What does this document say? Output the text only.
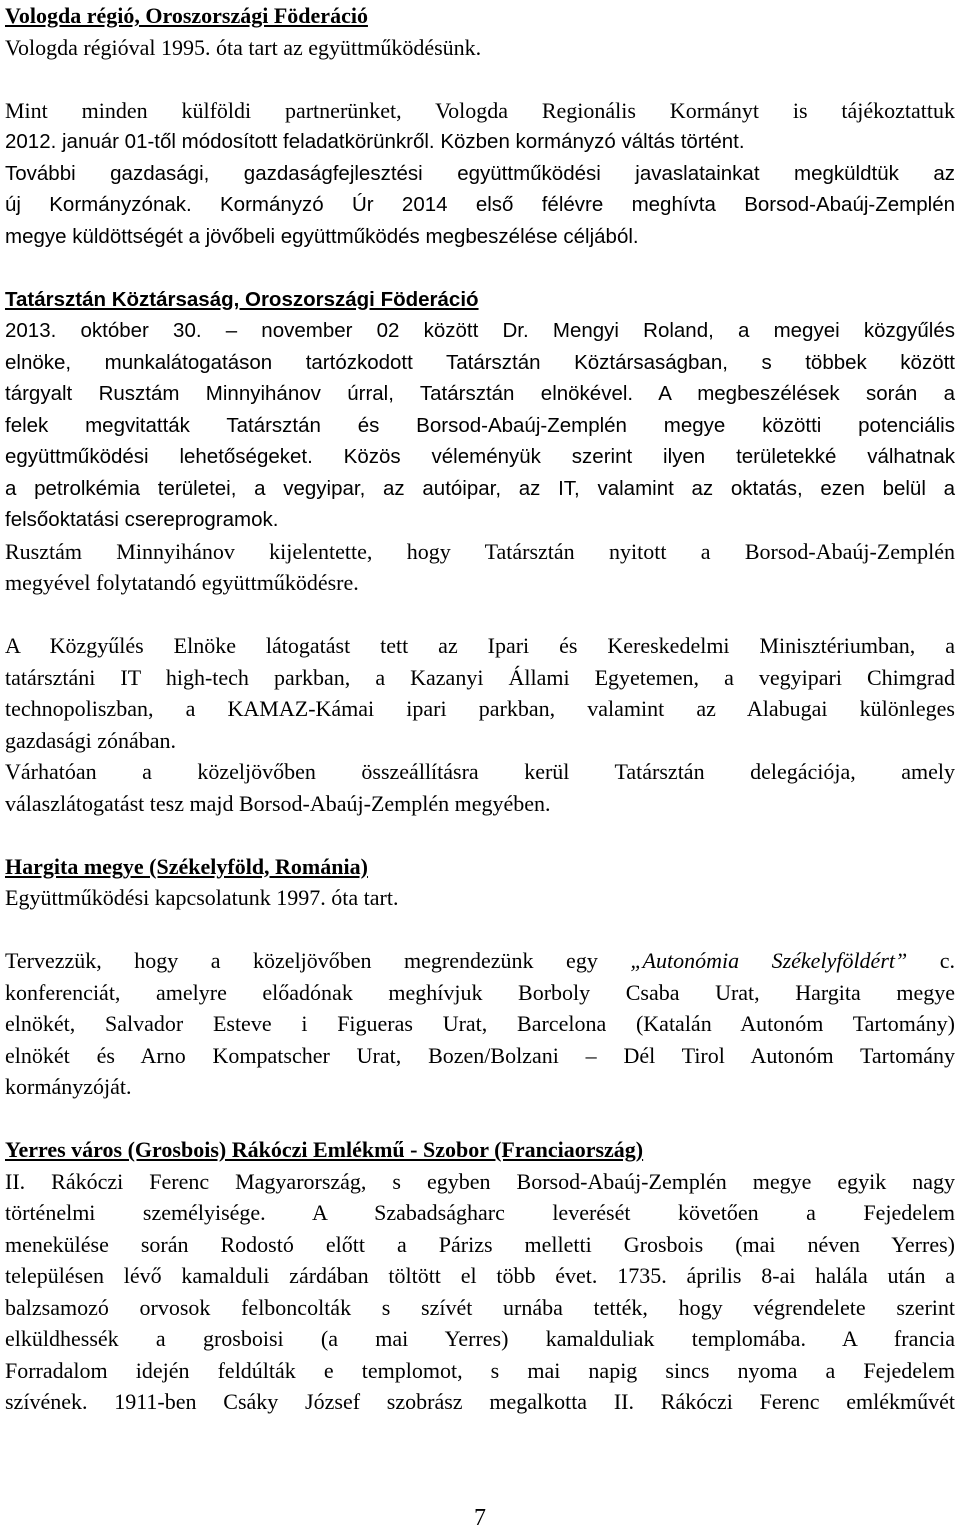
Vologda régió, Oroszországi Föderáció
Vologda régióval 1995. óta tart az együttműködésünk.
Mint minden külföldi partnerünket, Vologda Regionális Kormányt is tájékoztattuk
2012. január 01-től módosított feladatkörünkről. Közben kormányzó váltás történt.
További gazdasági, gazdaságfejlesztési együttműködési javaslatainkat megküldtük az
új Kormányzónak. Kormányzó Úr 2014 első félévre meghívta Borsod-Abaúj-Zemplén
megye küldöttségét a jövőbeli együttműködés megbeszélése céljából.
Tatársztán Köztársaság, Oroszországi Föderáció
2013. október 30. – november 02 között Dr. Mengyi Roland, a megyei közgyűlés
elnöke, munkalátogatáson tartózkodott Tatársztán Köztársaságban, s többek között
tárgyalt Rusztám Minnyihánov úrral, Tatársztán elnökével. A megbeszélések során a
felek megvitatták Tatársztán és Borsod-Abaúj-Zemplén megye közötti potenciális
együttműködési lehetőségeket. Közös véleményük szerint ilyen területekké válhatnak
a petrolkémia területei, a vegyipar, az autóipar, az IT, valamint az oktatás, ezen belül a
felsőoktatási csereprogramok.
Rusztám Minnyihánov kijelentette, hogy Tatársztán nyitott a Borsod-Abaúj-Zemplén
megyével folytatandó együttműködésre.
A Közgyűlés Elnöke látogatást tett az Ipari és Kereskedelmi Minisztériumban, a
tatársztáni IT high-tech parkban, a Kazanyi Állami Egyetemen, a vegyipari Chimgrad
technopoliszban, a KAMAZ-Kámai ipari parkban, valamint az Alabugai különleges
gazdasági zónában.
Várhatóan a közeljövőben összeállításra kerül Tatársztán delegációja, amely
válaszlátogatást tesz majd Borsod-Abaúj-Zemplén megyében.
Hargita megye (Székelyföld, Románia)
Együttműködési kapcsolatunk 1997. óta tart.
Tervezzük, hogy a közeljövőben megrendezünk egy „Autonómia Székelyföldért” c.
konferenciát, amelyre előadónak meghívjuk Borboly Csaba Urat, Hargita megye
elnökét, Salvador Esteve i Figueras Urat, Barcelona (Katalán Autonóm Tartomány)
elnökét és Arno Kompatscher Urat, Bozen/Bolzani – Dél Tirol Autonóm Tartomány
kormányzóját.
Yerres város (Grosbois) Rákóczi Emlékmű - Szobor (Franciaország)
II. Rákóczi Ferenc Magyarország, s egyben Borsod-Abaúj-Zemplén megye egyik nagy
történelmi személyisége. A Szabadságharc leverését követően a Fejedelem
menekülése során Rodostó előtt a Párizs melletti Grosbois (mai néven Yerres)
településen lévő kamalduli zárdában töltött el több évet. 1735. április 8-ai halála után a
balzsamozó orvosok felboncolták s szívét urnába tették, hogy végrendelete szerint
elküldhessék a grosboisi (a mai Yerres) kamalduliak templomába. A francia
Forradalom idején feldúlták e templomot, s mai napig sincs nyoma a Fejedelem
szívének. 1911-ben Csáky József szobrász megalkotta II. Rákóczi Ferenc emlékművét
7
